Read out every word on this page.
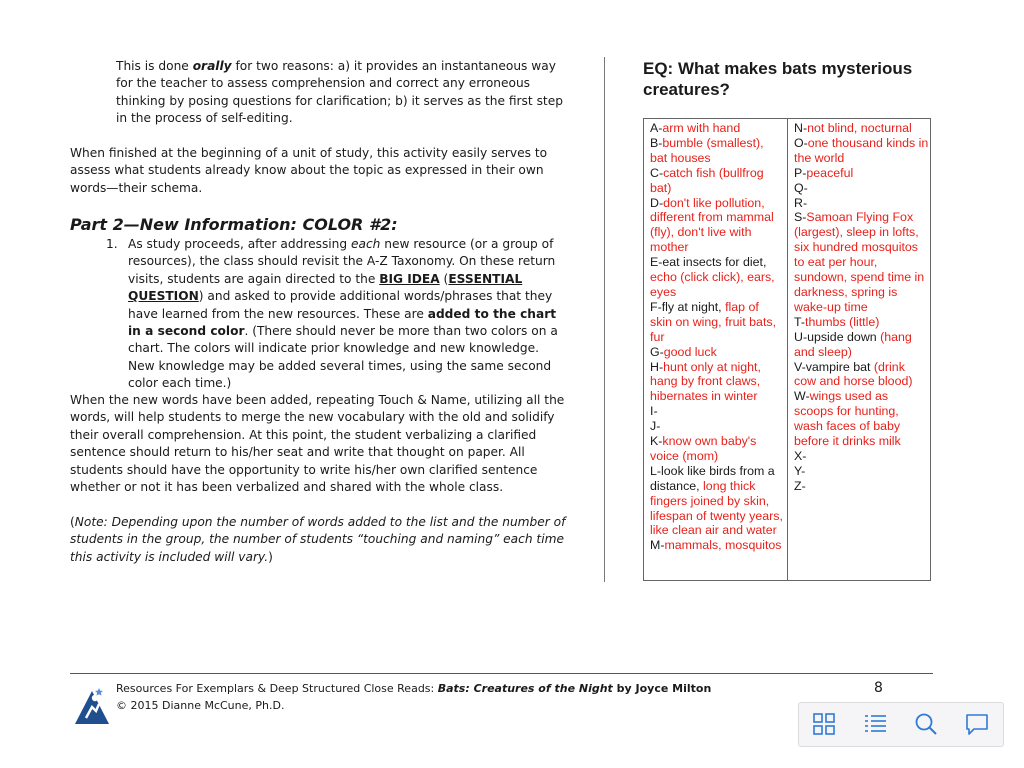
This is done orally for two reasons: a) it provides an instantaneous way for the teacher to assess comprehension and correct any erroneous thinking by posing questions for clarification; b) it serves as the first step in the process of self-editing.
When finished at the beginning of a unit of study, this activity easily serves to assess what students already know about the topic as expressed in their own words—their schema.
Part 2—New Information: COLOR #2:
1. As study proceeds, after addressing each new resource (or a group of resources), the class should revisit the A-Z Taxonomy. On these return visits, students are again directed to the BIG IDEA (ESSENTIAL QUESTION) and asked to provide additional words/phrases that they have learned from the new resources. These are added to the chart in a second color. (There should never be more than two colors on a chart. The colors will indicate prior knowledge and new knowledge. New knowledge may be added several times, using the same second color each time.)
When the new words have been added, repeating Touch & Name, utilizing all the words, will help students to merge the new vocabulary with the old and solidify their overall comprehension. At this point, the student verbalizing a clarified sentence should return to his/her seat and write that thought on paper. All students should have the opportunity to write his/her own clarified sentence whether or not it has been verbalized and shared with the whole class.
(Note: Depending upon the number of words added to the list and the number of students in the group, the number of students “touching and naming” each time this activity is included will vary.)
EQ: What makes bats mysterious creatures?
A-arm with hand
B-bumble (smallest), bat houses
C-catch fish (bullfrog bat)
D-don't like pollution, different from mammal (fly), don't live with mother
E-eat insects for diet, echo (click click), ears, eyes
F-fly at night, flap of skin on wing, fruit bats, fur
G-good luck
H-hunt only at night, hang by front claws, hibernates in winter
I-
J-
K-know own baby's voice (mom)
L-look like birds from a distance, long thick fingers joined by skin, lifespan of twenty years, like clean air and water
M-mammals, mosquitos
N-not blind, nocturnal
O-one thousand kinds in the world
P-peaceful
Q-
R-
S-Samoan Flying Fox (largest), sleep in lofts, six hundred mosquitos to eat per hour, sundown, spend time in darkness, spring is wake-up time
T-thumbs (little)
U-upside down (hang and sleep)
V-vampire bat (drink cow and horse blood)
W-wings used as scoops for hunting, wash faces of baby before it drinks milk
X-
Y-
Z-
Resources For Exemplars & Deep Structured Close Reads: Bats: Creatures of the Night by Joyce Milton
© 2015 Dianne McCune, Ph.D.
8
